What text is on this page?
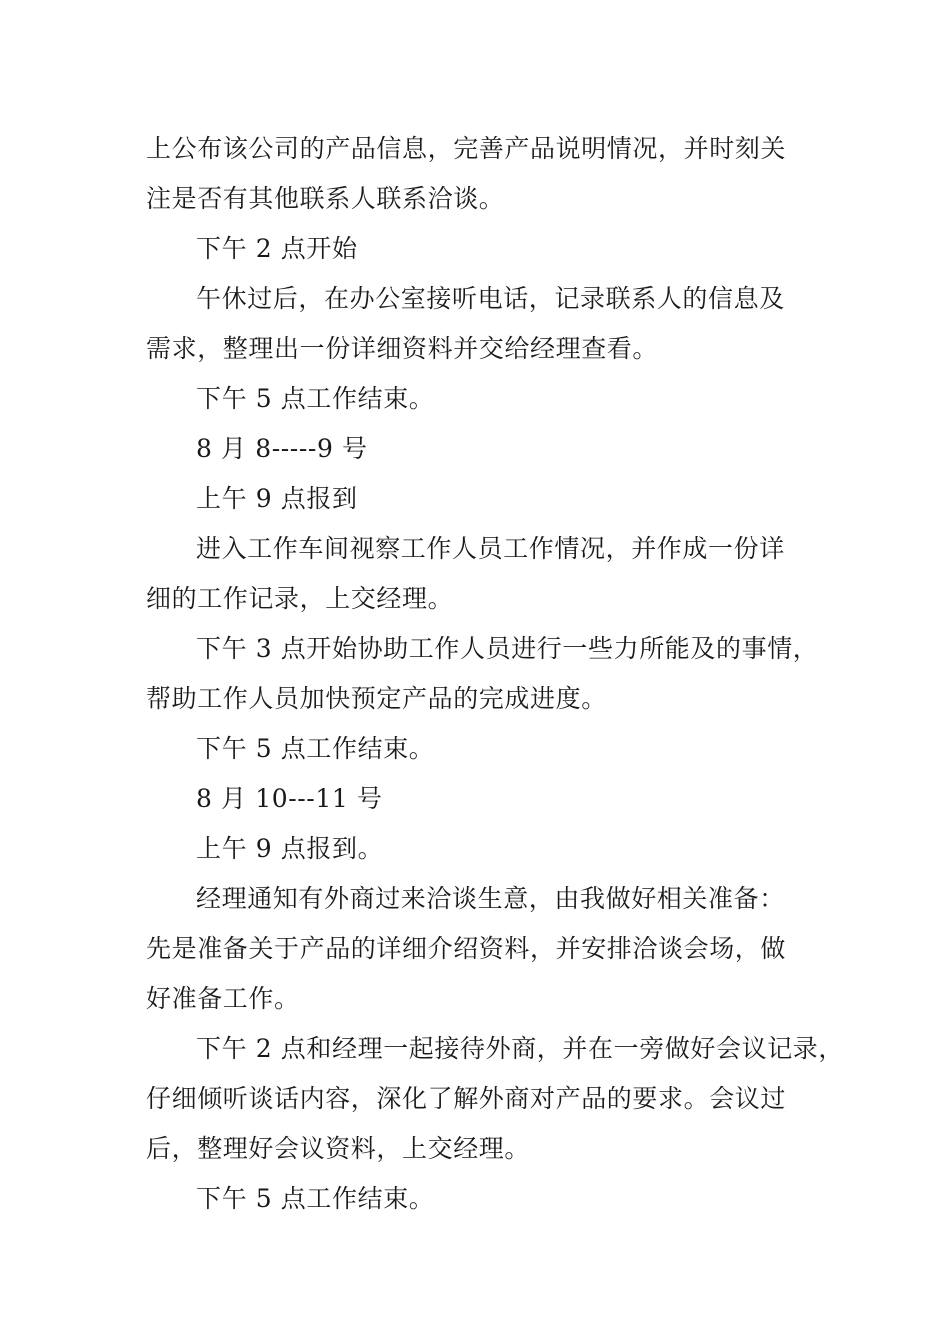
上公布该公司的产品信息，完善产品说明情况，并时刻关
注是否有其他联系人联系洽谈。
下午 2 点开始
午休过后，在办公室接听电话，记录联系人的信息及
需求，整理出一份详细资料并交给经理查看。
下午 5 点工作结束。
8 月 8-----9 号
上午 9 点报到
进入工作车间视察工作人员工作情况，并作成一份详
细的工作记录，上交经理。
下午 3 点开始协助工作人员进行一些力所能及的事情，
帮助工作人员加快预定产品的完成进度。
下午 5 点工作结束。
8 月 10---11 号
上午 9 点报到。
经理通知有外商过来洽谈生意，由我做好相关准备：
先是准备关于产品的详细介绍资料，并安排洽谈会场，做
好准备工作。
下午 2 点和经理一起接待外商，并在一旁做好会议记录，
仔细倾听谈话内容，深化了解外商对产品的要求。会议过
后，整理好会议资料，上交经理。
下午 5 点工作结束。
